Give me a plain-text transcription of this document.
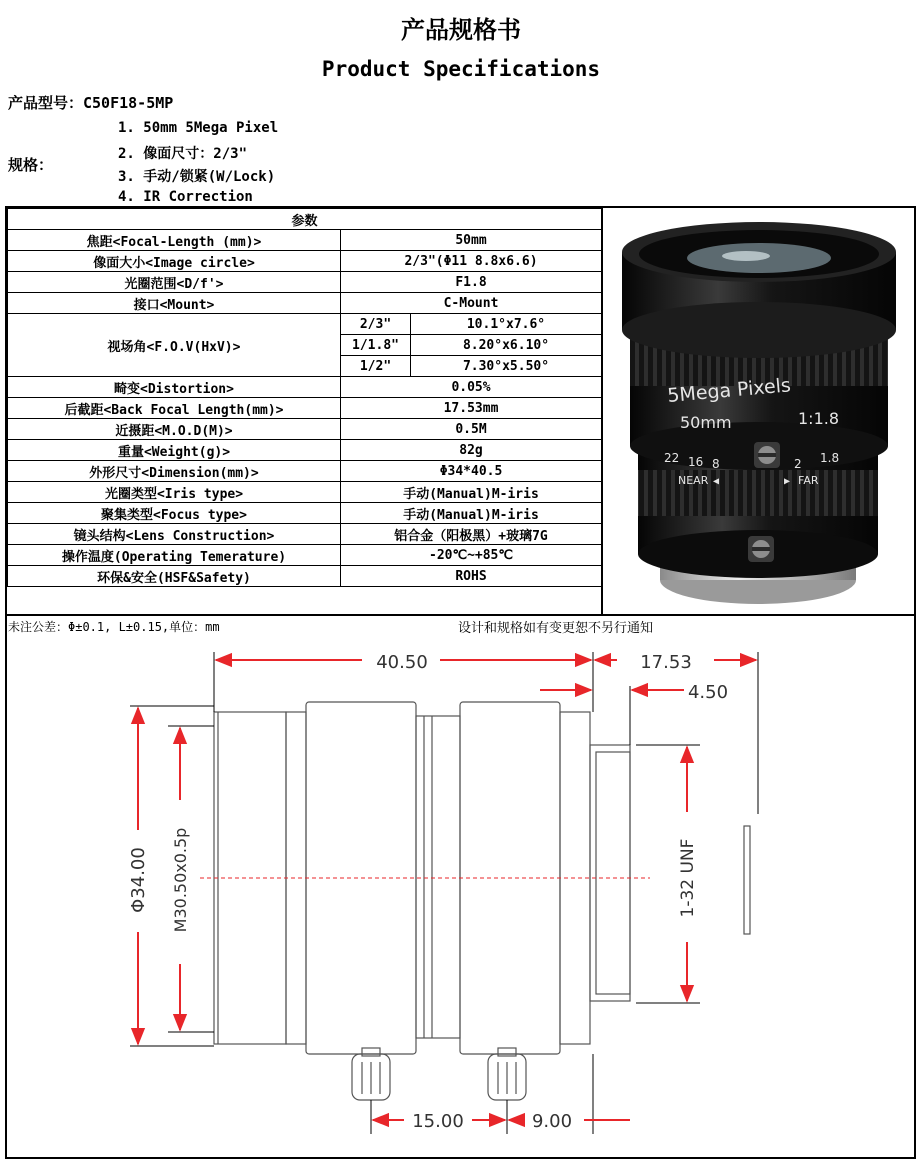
产品规格书
Product Specifications
产品型号：C50F18-5MP
规格：
1. 50mm 5Mega Pixel
2. 像面尺寸：2/3"
3. 手动/锁紧(W/Lock)
4. IR Correction
参数		
焦距<Focal-Length (mm)>	50mm	
像面大小<Image circle>	2/3"(Φ11 8.8x6.6)	
光圈范围<D/f'>	F1.8	
接口<Mount>	C-Mount	
视场角<F.O.V(HxV)>	2/3"	10.1°x7.6°
	1/1.8"	8.20°x6.10°
	1/2"	7.30°x5.50°
畸变<Distortion>	0.05%	
后截距<Back Focal Length(mm)>	17.53mm	
近摄距<M.O.D(M)>	0.5M	
重量<Weight(g)>	82g	
外形尺寸<Dimension(mm)>	Φ34*40.5	
光圈类型<Iris type>	手动(Manual)M-iris	
聚集类型<Focus type>	手动(Manual)M-iris	
镜头结构<Lens Construction>	铝合金（阳极黑）+玻璃7G	
操作温度(Operating Temerature)	-20℃~+85℃	
环保&安全(HSF&Safety)	ROHS	
5Mega Pixels
50mm	1:1.8
22 16 8	2 1.8
NEAR ◀	▶ FAR
未注公差：Φ±0.1, L±0.15,单位：mm	设计和规格如有变更恕不另行通知
40.50	17.53
4.50
Φ34.00 M30.50x0.5p	1-32 UNF
15.00	9.00
